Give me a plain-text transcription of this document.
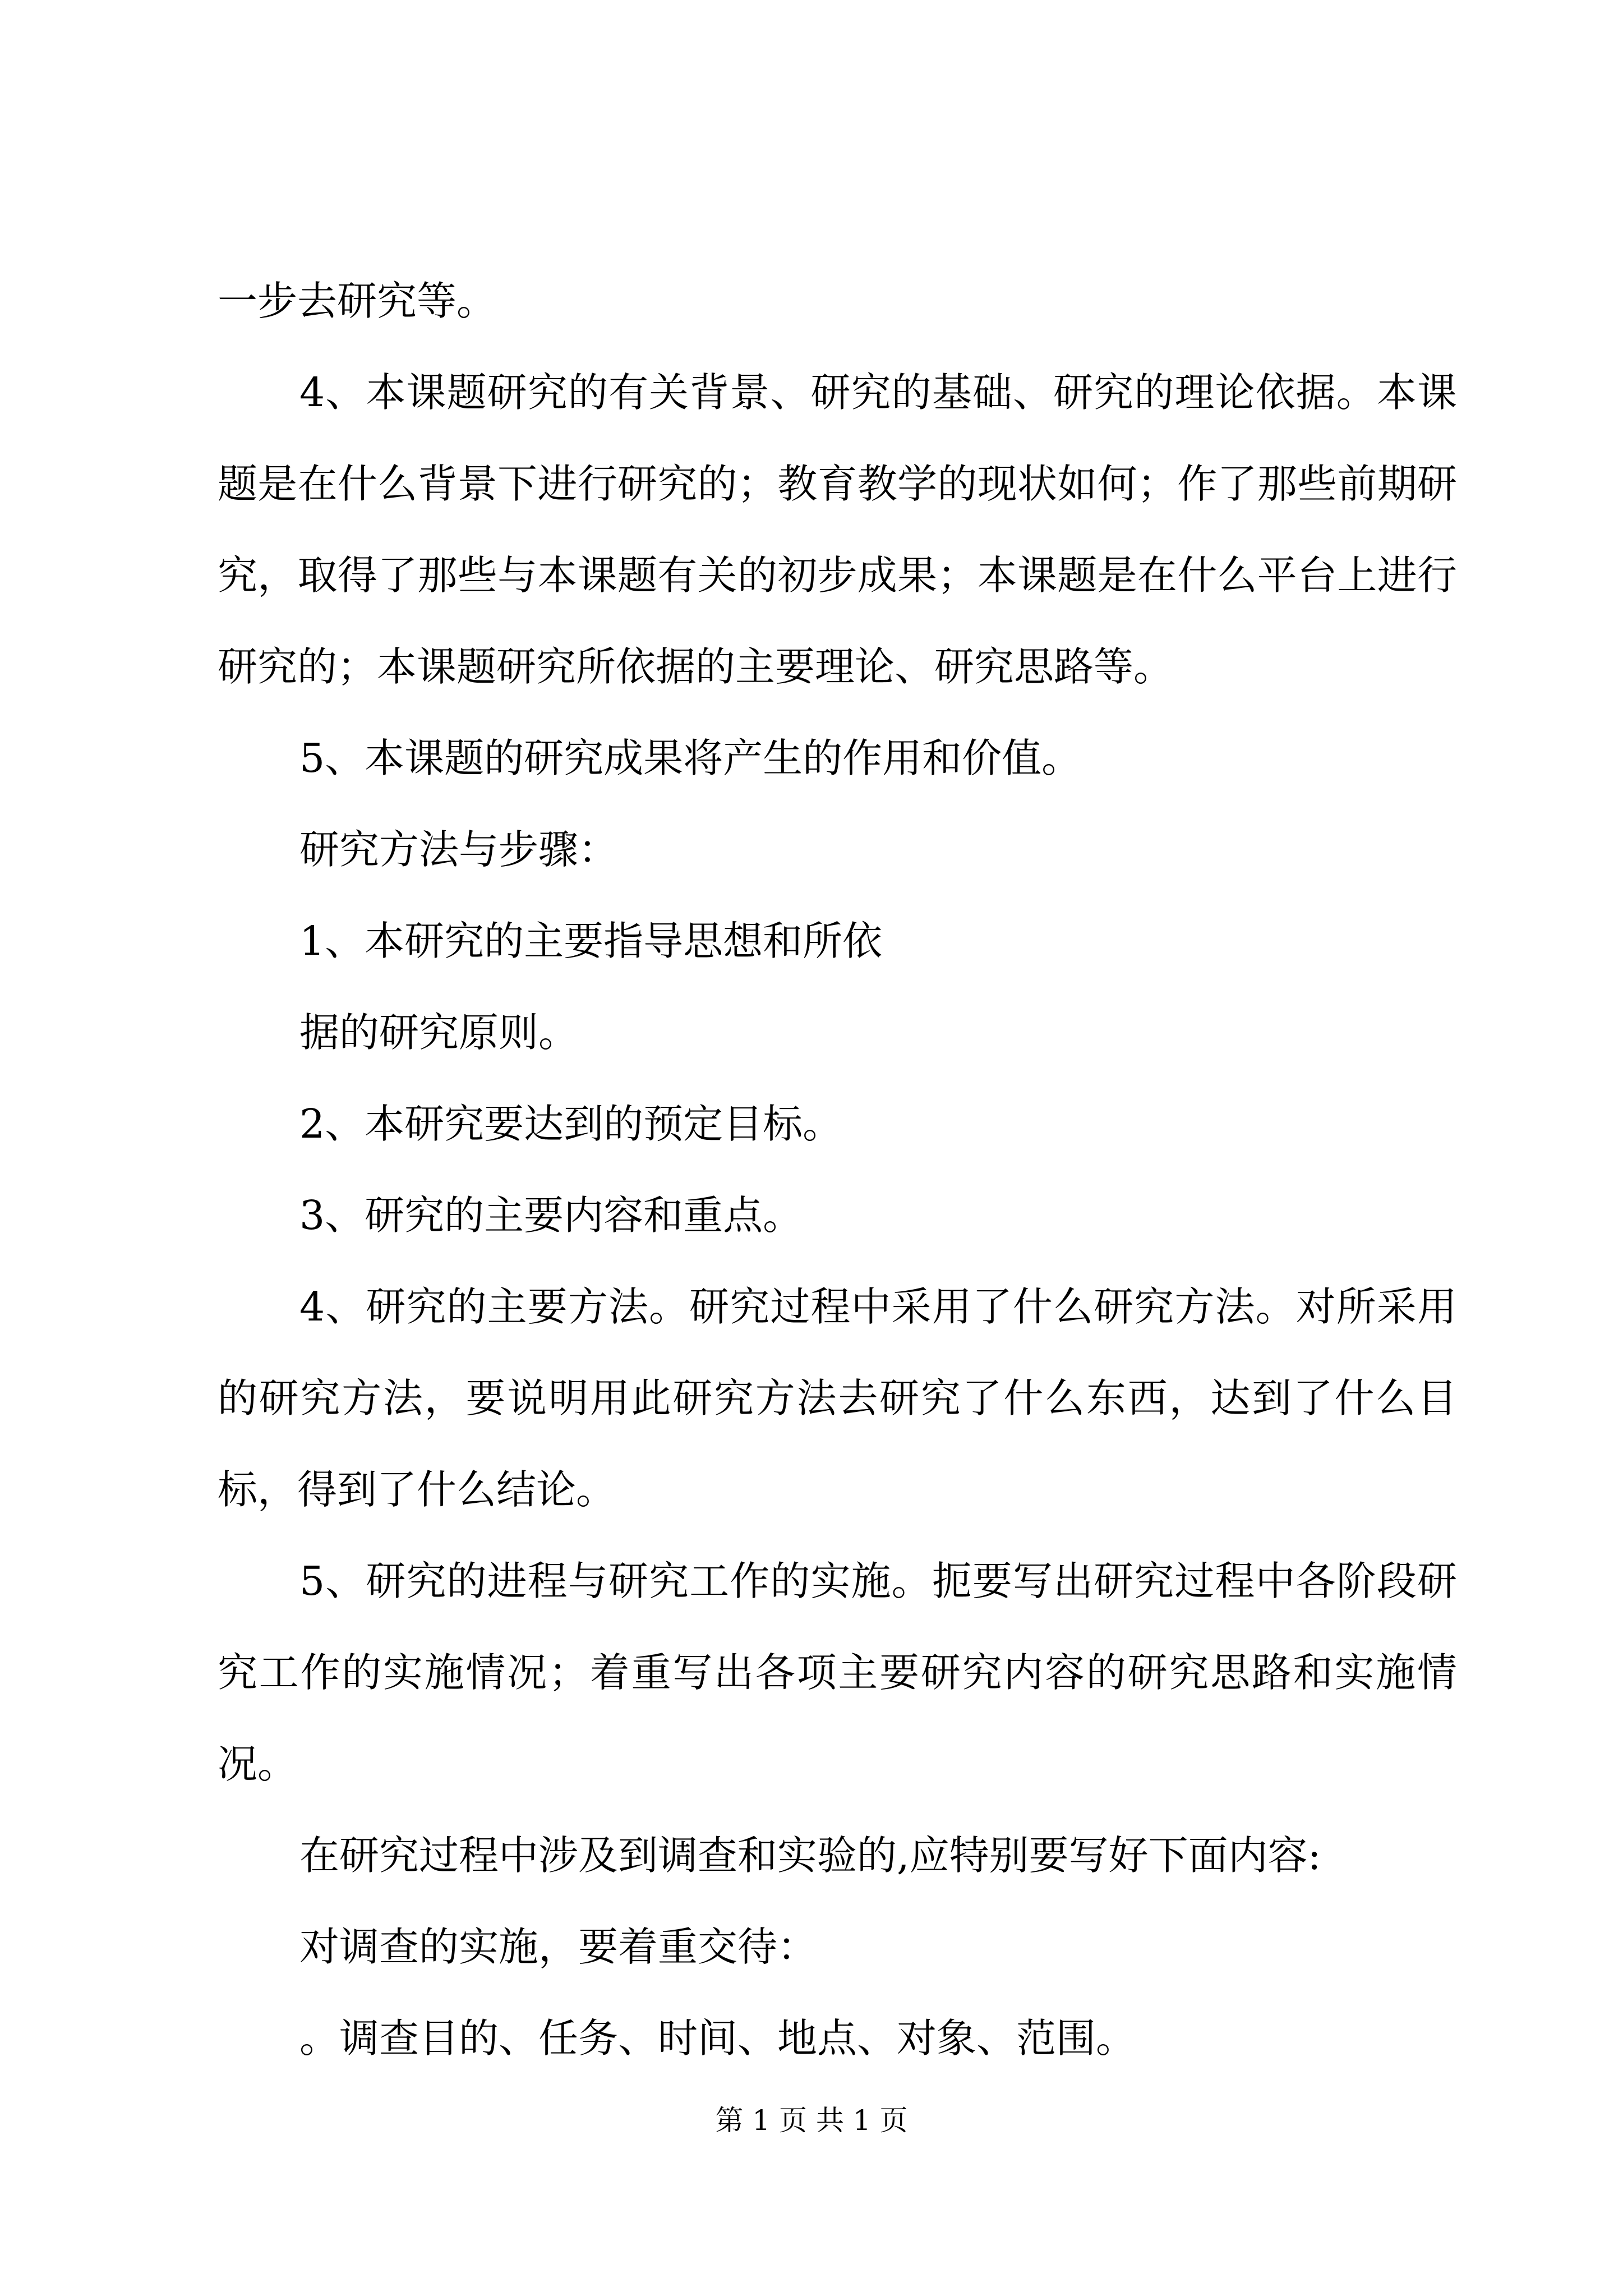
一步去研究等。

4、本课题研究的有关背景、研究的基础、研究的理论依据。本课题是在什么背景下进行研究的；教育教学的现状如何；作了那些前期研究，取得了那些与本课题有关的初步成果；本课题是在什么平台上进行研究的；本课题研究所依据的主要理论、研究思路等。

5、本课题的研究成果将产生的作用和价值。

研究方法与步骤：

1、本研究的主要指导思想和所依

据的研究原则。

2、本研究要达到的预定目标。

3、研究的主要内容和重点。

4、研究的主要方法。研究过程中采用了什么研究方法。对所采用的研究方法，要说明用此研究方法去研究了什么东西，达到了什么目标，得到了什么结论。

5、研究的进程与研究工作的实施。扼要写出研究过程中各阶段研究工作的实施情况；着重写出各项主要研究内容的研究思路和实施情况。

在研究过程中涉及到调查和实验的,应特别要写好下面内容:

对调查的实施，要着重交待：

。调查目的、任务、时间、地点、对象、范围。

第 1 页 共 1 页
